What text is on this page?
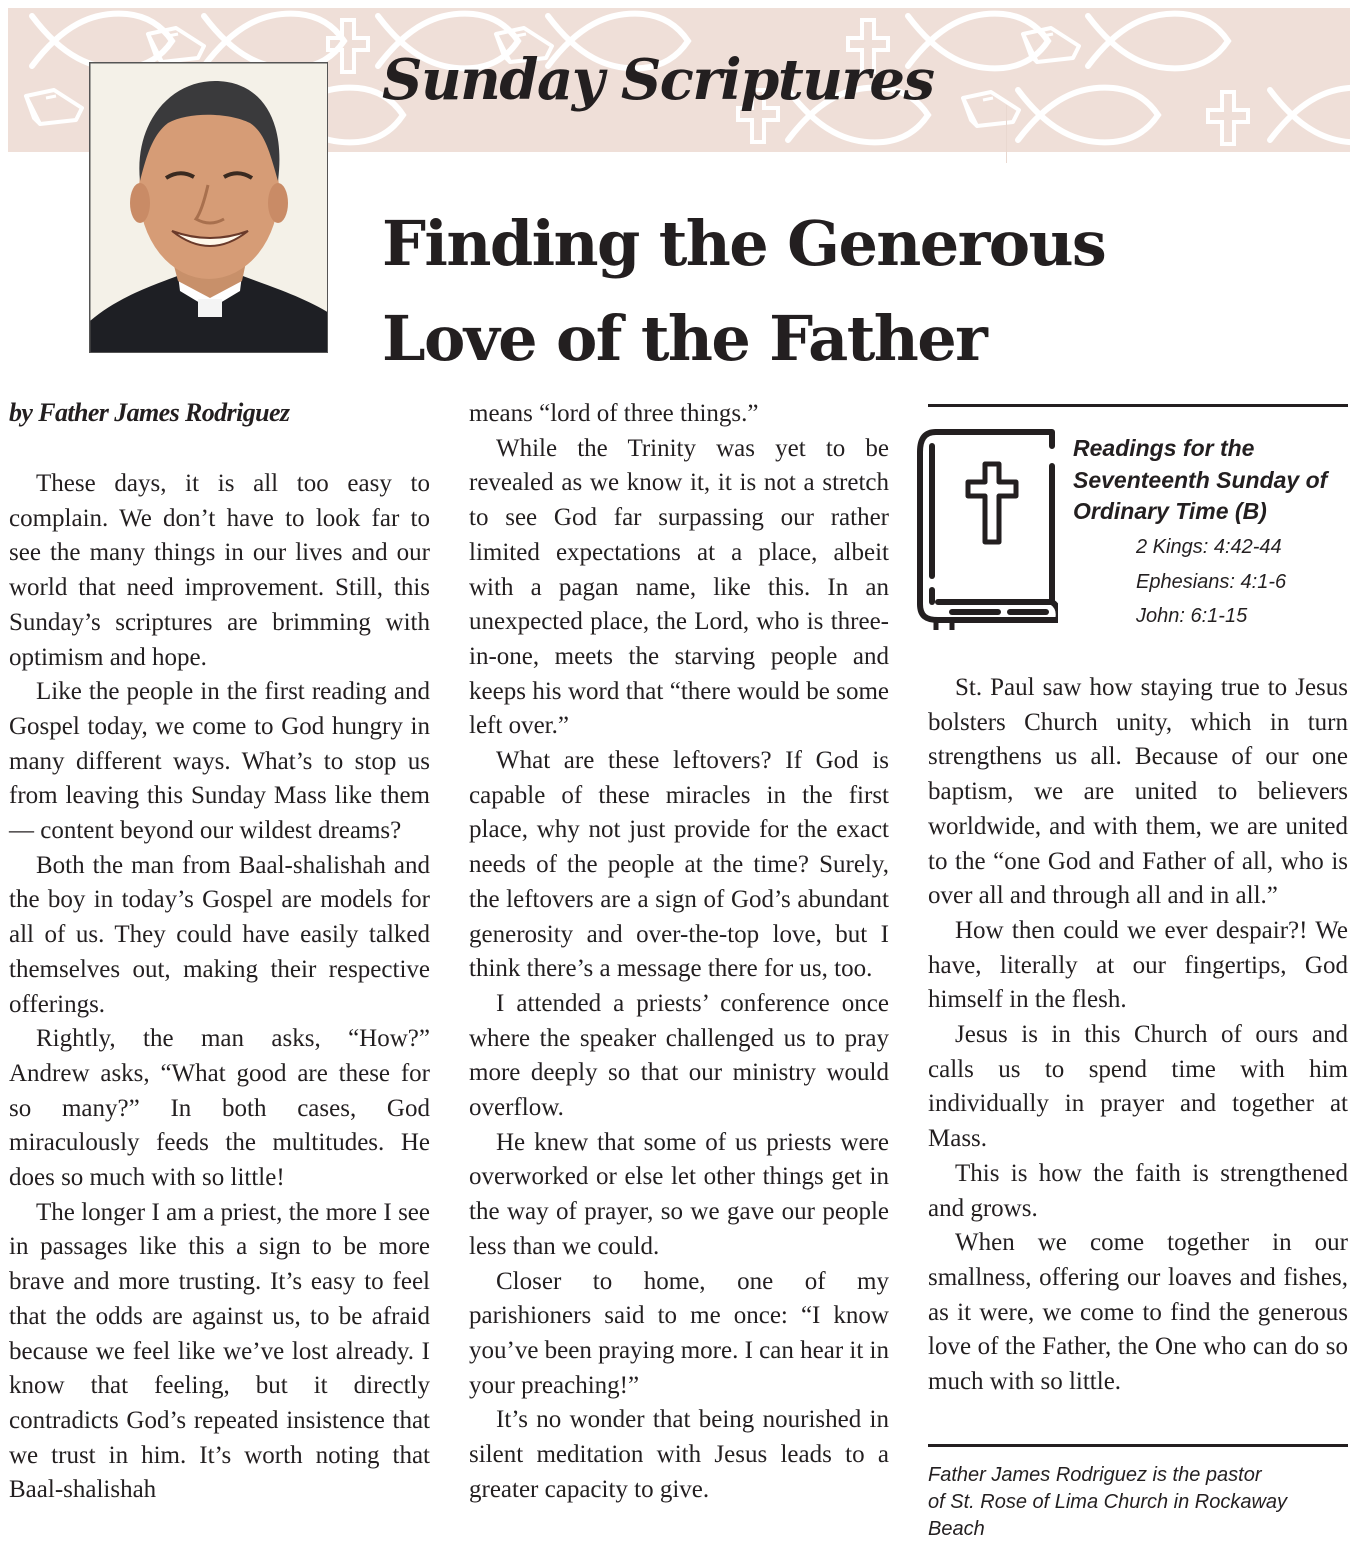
Sunday Scriptures
Finding the Generous
Love of the Father

by Father James Rodriguez

These days, it is all too easy to complain. We don’t have to look far to see the many things in our lives and our world that need improvement. Still, this Sunday’s scriptures are brimming with optimism and hope.

Like the people in the first reading and Gospel today, we come to God hungry in many different ways. What’s to stop us from leaving this Sunday Mass like them — content beyond our wildest dreams?

Both the man from Baal-shalishah and the boy in today’s Gospel are models for all of us. They could have easily talked themselves out, making their respective offerings.

Rightly, the man asks, “How?” Andrew asks, “What good are these for so many?” In both cases, God miraculously feeds the multitudes. He does so much with so little!

The longer I am a priest, the more I see in passages like this a sign to be more brave and more trusting. It’s easy to feel that the odds are against us, to be afraid because we feel like we’ve lost already. I know that feeling, but it directly contradicts God’s repeated insistence that we trust in him. It’s worth noting that Baal-shalishah

means “lord of three things.”

While the Trinity was yet to be revealed as we know it, it is not a stretch to see God far surpassing our rather limited expectations at a place, albeit with a pagan name, like this. In an unexpected place, the Lord, who is three-in-one, meets the starving people and keeps his word that “there would be some left over.”

What are these leftovers? If God is capable of these miracles in the first place, why not just provide for the exact needs of the people at the time? Surely, the leftovers are a sign of God’s abundant generosity and over-the-top love, but I think there’s a message there for us, too.

I attended a priests’ conference once where the speaker challenged us to pray more deeply so that our ministry would overflow.

He knew that some of us priests were overworked or else let other things get in the way of prayer, so we gave our people less than we could.

Closer to home, one of my parishioners said to me once: “I know you’ve been praying more. I can hear it in your preaching!”

It’s no wonder that being nourished in silent meditation with Jesus leads to a greater capacity to give.

Readings for the
Seventeenth Sunday of
Ordinary Time (B)
2 Kings: 4:42-44
Ephesians: 4:1-6
John: 6:1-15

St. Paul saw how staying true to Jesus bolsters Church unity, which in turn strengthens us all. Because of our one baptism, we are united to believers worldwide, and with them, we are united to the “one God and Father of all, who is over all and through all and in all.”

How then could we ever despair?! We have, literally at our fingertips, God himself in the flesh.

Jesus is in this Church of ours and calls us to spend time with him individually in prayer and together at Mass.

This is how the faith is strengthened and grows.

When we come together in our smallness, offering our loaves and fishes, as it were, we come to find the generous love of the Father, the One who can do so much with so little.

Father James Rodriguez is the pastor
of St. Rose of Lima Church in Rockaway
Beach
